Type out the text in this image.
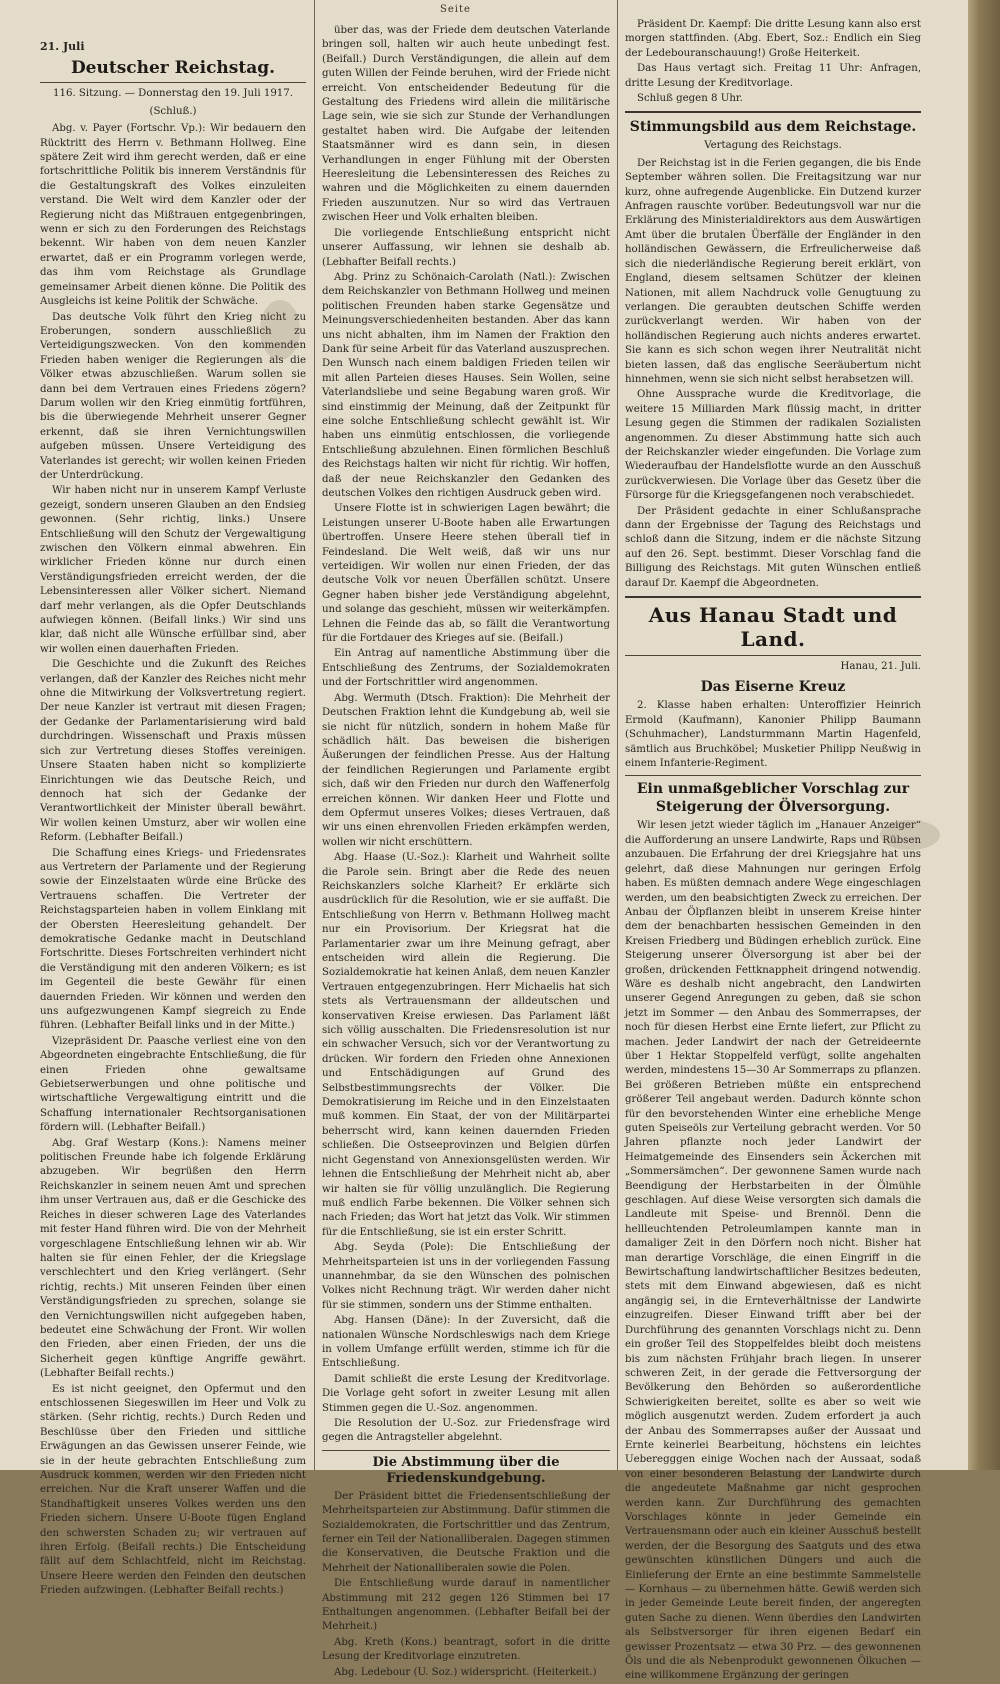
Seite
21. Juli
Deutscher Reichstag.
116. Sitzung. — Donnerstag den 19. Juli 1917.
(Schluß.)

Abg. v. Payer (Fortschr. Vp.): Wir bedauern den Rücktritt des Herrn v. Bethmann Hollweg. Eine spätere Zeit wird ihm gerecht werden, daß er eine fortschrittliche Politik bis innerem Verständnis für die Gestaltungskraft des Volkes einzuleiten verstand. Die Welt wird dem Kanzler oder der Regierung nicht das Mißtrauen entgegenbringen, wenn er sich zu den Forderungen des Reichstags bekennt. Wir haben von dem neuen Kanzler erwartet, daß er ein Programm vorlegen werde, das ihm vom Reichstage als Grundlage gemeinsamer Arbeit dienen könne. Die Politik des Ausgleichs ist keine Politik der Schwäche.

Das deutsche Volk führt den Krieg nicht zu Eroberungen, sondern ausschließlich zu Verteidigungszwecken. Von den kommenden Frieden haben weniger die Regierungen als die Völker etwas abzuschließen. Warum sollen sie dann bei dem Vertrauen eines Friedens zögern? Darum wollen wir den Krieg einmütig fortführen, bis die überwiegende Mehrheit unserer Gegner erkennt, daß sie ihren Vernichtungswillen aufgeben müssen. Unsere Verteidigung des Vaterlandes ist gerecht; wir wollen keinen Frieden der Unterdrückung.

Wir haben nicht nur in unserem Kampf Verluste gezeigt, sondern unseren Glauben an den Endsieg gewonnen. (Sehr richtig, links.) Unsere Entschließung will den Schutz der Vergewaltigung zwischen den Völkern einmal abwehren. Ein wirklicher Frieden könne nur durch einen Verständigungsfrieden erreicht werden, der die Lebensinteressen aller Völker sichert. Niemand darf mehr verlangen, als die Opfer Deutschlands aufwiegen können. (Beifall links.) Wir sind uns klar, daß nicht alle Wünsche erfüllbar sind, aber wir wollen einen dauerhaften Frieden.

Die Geschichte und die Zukunft des Reiches verlangen, daß der Kanzler des Reiches nicht mehr ohne die Mitwirkung der Volksvertretung regiert. Der neue Kanzler ist vertraut mit diesen Fragen; der Gedanke der Parlamentarisierung wird bald durchdringen. Wissenschaft und Praxis müssen sich zur Vertretung dieses Stoffes vereinigen. Unsere Staaten haben nicht so komplizierte Einrichtungen wie das Deutsche Reich, und dennoch hat sich der Gedanke der Verantwortlichkeit der Minister überall bewährt. Wir wollen keinen Umsturz, aber wir wollen eine Reform. (Lebhafter Beifall.)

Die Schaffung eines Kriegs- und Friedensrates aus Vertretern der Parlamente und der Regierung sowie der Einzelstaaten würde eine Brücke des Vertrauens schaffen. Die Vertreter der Reichstagsparteien haben in vollem Einklang mit der Obersten Heeresleitung gehandelt. Der demokratische Gedanke macht in Deutschland Fortschritte. Dieses Fortschreiten verhindert nicht die Verständigung mit den anderen Völkern; es ist im Gegenteil die beste Gewähr für einen dauernden Frieden. Wir können und werden den uns aufgezwungenen Kampf siegreich zu Ende führen. (Lebhafter Beifall links und in der Mitte.)

Vizepräsident Dr. Paasche verliest eine von den Abgeordneten eingebrachte Entschließung, die für einen Frieden ohne gewaltsame Gebietserwerbungen und ohne politische und wirtschaftliche Vergewaltigung eintritt und die Schaffung internationaler Rechtsorganisationen fördern will. (Lebhafter Beifall.)

Abg. Graf Westarp (Kons.): Namens meiner politischen Freunde habe ich folgende Erklärung abzugeben. Wir begrüßen den Herrn Reichskanzler in seinem neuen Amt und sprechen ihm unser Vertrauen aus, daß er die Geschicke des Reiches in dieser schweren Lage des Vaterlandes mit fester Hand führen wird. Die von der Mehrheit vorgeschlagene Entschließung lehnen wir ab. Wir halten sie für einen Fehler, der die Kriegslage verschlechtert und den Krieg verlängert. (Sehr richtig, rechts.) Mit unseren Feinden über einen Verständigungsfrieden zu sprechen, solange sie den Vernichtungswillen nicht aufgegeben haben, bedeutet eine Schwächung der Front. Wir wollen den Frieden, aber einen Frieden, der uns die Sicherheit gegen künftige Angriffe gewährt. (Lebhafter Beifall rechts.)

Es ist nicht geeignet, den Opfermut und den entschlossenen Siegeswillen im Heer und Volk zu stärken. (Sehr richtig, rechts.) Durch Reden und Beschlüsse über den Frieden und sittliche Erwägungen an das Gewissen unserer Feinde, wie sie in der heute gebrachten Entschließung zum Ausdruck kommen, werden wir den Frieden nicht erreichen. Nur die Kraft unserer Waffen und die Standhaftigkeit unseres Volkes werden uns den Frieden sichern. Unsere U-Boote fügen England den schwersten Schaden zu; wir vertrauen auf ihren Erfolg. (Beifall rechts.) Die Entscheidung fällt auf dem Schlachtfeld, nicht im Reichstag. Unsere Heere werden den Feinden den deutschen Frieden aufzwingen. (Lebhafter Beifall rechts.)

über das, was der Friede dem deutschen Vaterlande bringen soll, halten wir auch heute unbedingt fest. (Beifall.) Durch Verständigungen, die allein auf dem guten Willen der Feinde beruhen, wird der Friede nicht erreicht. Von entscheidender Bedeutung für die Gestaltung des Friedens wird allein die militärische Lage sein, wie sie sich zur Stunde der Verhandlungen gestaltet haben wird. Die Aufgabe der leitenden Staatsmänner wird es dann sein, in diesen Verhandlungen in enger Fühlung mit der Obersten Heeresleitung die Lebensinteressen des Reiches zu wahren und die Möglichkeiten zu einem dauernden Frieden auszunutzen. Nur so wird das Vertrauen zwischen Heer und Volk erhalten bleiben.

Die vorliegende Entschließung entspricht nicht unserer Auffassung, wir lehnen sie deshalb ab. (Lebhafter Beifall rechts.)

Abg. Prinz zu Schönaich-Carolath (Natl.): Zwischen dem Reichskanzler von Bethmann Hollweg und meinen politischen Freunden haben starke Gegensätze und Meinungsverschiedenheiten bestanden. Aber das kann uns nicht abhalten, ihm im Namen der Fraktion den Dank für seine Arbeit für das Vaterland auszusprechen. Den Wunsch nach einem baldigen Frieden teilen wir mit allen Parteien dieses Hauses. Sein Wollen, seine Vaterlandsliebe und seine Begabung waren groß. Wir sind einstimmig der Meinung, daß der Zeitpunkt für eine solche Entschließung schlecht gewählt ist. Wir haben uns einmütig entschlossen, die vorliegende Entschließung abzulehnen. Einen förmlichen Beschluß des Reichstags halten wir nicht für richtig. Wir hoffen, daß der neue Reichskanzler den Gedanken des deutschen Volkes den richtigen Ausdruck geben wird.

Unsere Flotte ist in schwierigen Lagen bewährt; die Leistungen unserer U-Boote haben alle Erwartungen übertroffen. Unsere Heere stehen überall tief in Feindesland. Die Welt weiß, daß wir uns nur verteidigen. Wir wollen nur einen Frieden, der das deutsche Volk vor neuen Überfällen schützt. Unsere Gegner haben bisher jede Verständigung abgelehnt, und solange das geschieht, müssen wir weiterkämpfen. Lehnen die Feinde das ab, so fällt die Verantwortung für die Fortdauer des Krieges auf sie. (Beifall.)

Ein Antrag auf namentliche Abstimmung über die Entschließung des Zentrums, der Sozialdemokraten und der Fortschrittler wird angenommen.

Abg. Wermuth (Dtsch. Fraktion): Die Mehrheit der Deutschen Fraktion lehnt die Kundgebung ab, weil sie sie nicht für nützlich, sondern in hohem Maße für schädlich hält. Das beweisen die bisherigen Äußerungen der feindlichen Presse. Aus der Haltung der feindlichen Regierungen und Parlamente ergibt sich, daß wir den Frieden nur durch den Waffenerfolg erreichen können. Wir danken Heer und Flotte und dem Opfermut unseres Volkes; dieses Vertrauen, daß wir uns einen ehrenvollen Frieden erkämpfen werden, wollen wir nicht erschüttern.

Abg. Haase (U.-Soz.): Klarheit und Wahrheit sollte die Parole sein. Bringt aber die Rede des neuen Reichskanzlers solche Klarheit? Er erklärte sich ausdrücklich für die Resolution, wie er sie auffaßt. Die Entschließung von Herrn v. Bethmann Hollweg macht nur ein Provisorium. Der Kriegsrat hat die Parlamentarier zwar um ihre Meinung gefragt, aber entscheiden wird allein die Regierung. Die Sozialdemokratie hat keinen Anlaß, dem neuen Kanzler Vertrauen entgegenzubringen. Herr Michaelis hat sich stets als Vertrauensmann der alldeutschen und konservativen Kreise erwiesen. Das Parlament läßt sich völlig ausschalten. Die Friedensresolution ist nur ein schwacher Versuch, sich vor der Verantwortung zu drücken. Wir fordern den Frieden ohne Annexionen und Entschädigungen auf Grund des Selbstbestimmungsrechts der Völker. Die Demokratisierung im Reiche und in den Einzelstaaten muß kommen. Ein Staat, der von der Militärpartei beherrscht wird, kann keinen dauernden Frieden schließen. Die Ostseeprovinzen und Belgien dürfen nicht Gegenstand von Annexionsgelüsten werden. Wir lehnen die Entschließung der Mehrheit nicht ab, aber wir halten sie für völlig unzulänglich. Die Regierung muß endlich Farbe bekennen. Die Völker sehnen sich nach Frieden; das Wort hat jetzt das Volk. Wir stimmen für die Entschließung, sie ist ein erster Schritt.

Abg. Seyda (Pole): Die Entschließung der Mehrheitsparteien ist uns in der vorliegenden Fassung unannehmbar, da sie den Wünschen des polnischen Volkes nicht Rechnung trägt. Wir werden daher nicht für sie stimmen, sondern uns der Stimme enthalten.

Abg. Hansen (Däne): In der Zuversicht, daß die nationalen Wünsche Nordschleswigs nach dem Kriege in vollem Umfange erfüllt werden, stimme ich für die Entschließung.

Damit schließt die erste Lesung der Kreditvorlage. Die Vorlage geht sofort in zweiter Lesung mit allen Stimmen gegen die U.-Soz. angenommen.

Die Resolution der U.-Soz. zur Friedensfrage wird gegen die Antragsteller abgelehnt.

Die Abstimmung über die Friedenskundgebung.

Der Präsident bittet die Friedensentschließung der Mehrheitsparteien zur Abstimmung. Dafür stimmen die Sozialdemokraten, die Fortschrittler und das Zentrum, ferner ein Teil der Nationalliberalen. Dagegen stimmen die Konservativen, die Deutsche Fraktion und die Mehrheit der Nationalliberalen sowie die Polen.

Die Entschließung wurde darauf in namentlicher Abstimmung mit 212 gegen 126 Stimmen bei 17 Enthaltungen angenommen. (Lebhafter Beifall bei der Mehrheit.)

Abg. Kreth (Kons.) beantragt, sofort in die dritte Lesung der Kreditvorlage einzutreten.

Abg. Ledebour (U. Soz.) widerspricht. (Heiterkeit.)

Präsident Dr. Kaempf: Die dritte Lesung kann also erst morgen stattfinden. (Abg. Ebert, Soz.: Endlich ein Sieg der Ledebouranschauung!) Große Heiterkeit.

Das Haus vertagt sich. Freitag 11 Uhr: Anfragen, dritte Lesung der Kreditvorlage.

Schluß gegen 8 Uhr.

Stimmungsbild aus dem Reichstage.
Vertagung des Reichstags.

Der Reichstag ist in die Ferien gegangen, die bis Ende September währen sollen. Die Freitagsitzung war nur kurz, ohne aufregende Augenblicke. Ein Dutzend kurzer Anfragen rauschte vorüber. Bedeutungsvoll war nur die Erklärung des Ministerialdirektors aus dem Auswärtigen Amt über die brutalen Überfälle der Engländer in den holländischen Gewässern, die Erfreulicherweise daß sich die niederländische Regierung bereit erklärt, von England, diesem seltsamen Schützer der kleinen Nationen, mit allem Nachdruck volle Genugtuung zu verlangen. Die geraubten deutschen Schiffe werden zurückverlangt werden. Wir haben von der holländischen Regierung auch nichts anderes erwartet. Sie kann es sich schon wegen ihrer Neutralität nicht bieten lassen, daß das englische Seeräubertum nicht hinnehmen, wenn sie sich nicht selbst herabsetzen will.

Ohne Aussprache wurde die Kreditvorlage, die weitere 15 Milliarden Mark flüssig macht, in dritter Lesung gegen die Stimmen der radikalen Sozialisten angenommen. Zu dieser Abstimmung hatte sich auch der Reichskanzler wieder eingefunden. Die Vorlage zum Wiederaufbau der Handelsflotte wurde an den Ausschuß zurückverwiesen. Die Vorlage über das Gesetz über die Fürsorge für die Kriegsgefangenen noch verabschiedet.

Der Präsident gedachte in einer Schlußansprache dann der Ergebnisse der Tagung des Reichstags und schloß dann die Sitzung, indem er die nächste Sitzung auf den 26. Sept. bestimmt. Dieser Vorschlag fand die Billigung des Reichstags. Mit guten Wünschen entließ darauf Dr. Kaempf die Abgeordneten.

Aus Hanau Stadt und Land.
Hanau, 21. Juli.
Das Eiserne Kreuz

2. Klasse haben erhalten: Unteroffizier Heinrich Ermold (Kaufmann), Kanonier Philipp Baumann (Schuhmacher), Landsturmmann Martin Hagenfeld, sämtlich aus Bruchköbel; Musketier Philipp Neußwig in einem Infanterie-Regiment.

Ein unmaßgeblicher Vorschlag zur Steigerung der Ölversorgung.

Wir lesen jetzt wieder täglich im „Hanauer Anzeiger“ die Aufforderung an unsere Landwirte, Raps und Rübsen anzubauen. Die Erfahrung der drei Kriegsjahre hat uns gelehrt, daß diese Mahnungen nur geringen Erfolg haben. Es müßten demnach andere Wege eingeschlagen werden, um den beabsichtigten Zweck zu erreichen. Der Anbau der Ölpflanzen bleibt in unserem Kreise hinter dem der benachbarten hessischen Gemeinden in den Kreisen Friedberg und Büdingen erheblich zurück. Eine Steigerung unserer Ölversorgung ist aber bei der großen, drückenden Fettknappheit dringend notwendig. Wäre es deshalb nicht angebracht, den Landwirten unserer Gegend Anregungen zu geben, daß sie schon jetzt im Sommer — den Anbau des Sommerrapses, der noch für diesen Herbst eine Ernte liefert, zur Pflicht zu machen. Jeder Landwirt der nach der Getreideernte über 1 Hektar Stoppelfeld verfügt, sollte angehalten werden, mindestens 15—30 Ar Sommerraps zu pflanzen. Bei größeren Betrieben müßte ein entsprechend größerer Teil angebaut werden. Dadurch könnte schon für den bevorstehenden Winter eine erhebliche Menge guten Speiseöls zur Verteilung gebracht werden. Vor 50 Jahren pflanzte noch jeder Landwirt der Heimatgemeinde des Einsenders sein Äckerchen mit „Sommersämchen“. Der gewonnene Samen wurde nach Beendigung der Herbstarbeiten in der Ölmühle geschlagen. Auf diese Weise versorgten sich damals die Landleute mit Speise- und Brennöl. Denn die hellleuchtenden Petroleumlampen kannte man in damaliger Zeit in den Dörfern noch nicht. Bisher hat man derartige Vorschläge, die einen Eingriff in die Bewirtschaftung landwirtschaftlicher Besitzes bedeuten, stets mit dem Einwand abgewiesen, daß es nicht angängig sei, in die Ernteverhältnisse der Landwirte einzugreifen. Dieser Einwand trifft aber bei der Durchführung des genannten Vorschlags nicht zu. Denn ein großer Teil des Stoppelfeldes bleibt doch meistens bis zum nächsten Frühjahr brach liegen. In unserer schweren Zeit, in der gerade die Fettversorgung der Bevölkerung den Behörden so außerordentliche Schwierigkeiten bereitet, sollte es aber so weit wie möglich ausgenutzt werden. Zudem erfordert ja auch der Anbau des Sommerrapses außer der Aussaat und Ernte keinerlei Bearbeitung, höchstens ein leichtes Ueberegggen einige Wochen nach der Aussaat, sodaß von einer besonderen Belastung der Landwirte durch die angedeutete Maßnahme gar nicht gesprochen werden kann. Zur Durchführung des gemachten Vorschlages könnte in jeder Gemeinde ein Vertrauensmann oder auch ein kleiner Ausschuß bestellt werden, der die Besorgung des Saatguts und des etwa gewünschten künstlichen Düngers und auch die Einlieferung der Ernte an eine bestimmte Sammelstelle — Kornhaus — zu übernehmen hätte. Gewiß werden sich in jeder Gemeinde Leute bereit finden, der angeregten guten Sache zu dienen. Wenn überdies den Landwirten als Selbstversorger für ihren eigenen Bedarf ein gewisser Prozentsatz — etwa 30 Prz. — des gewonnenen Öls und die als Nebenprodukt gewonnenen Ölkuchen — eine willkommene Ergänzung der geringen
